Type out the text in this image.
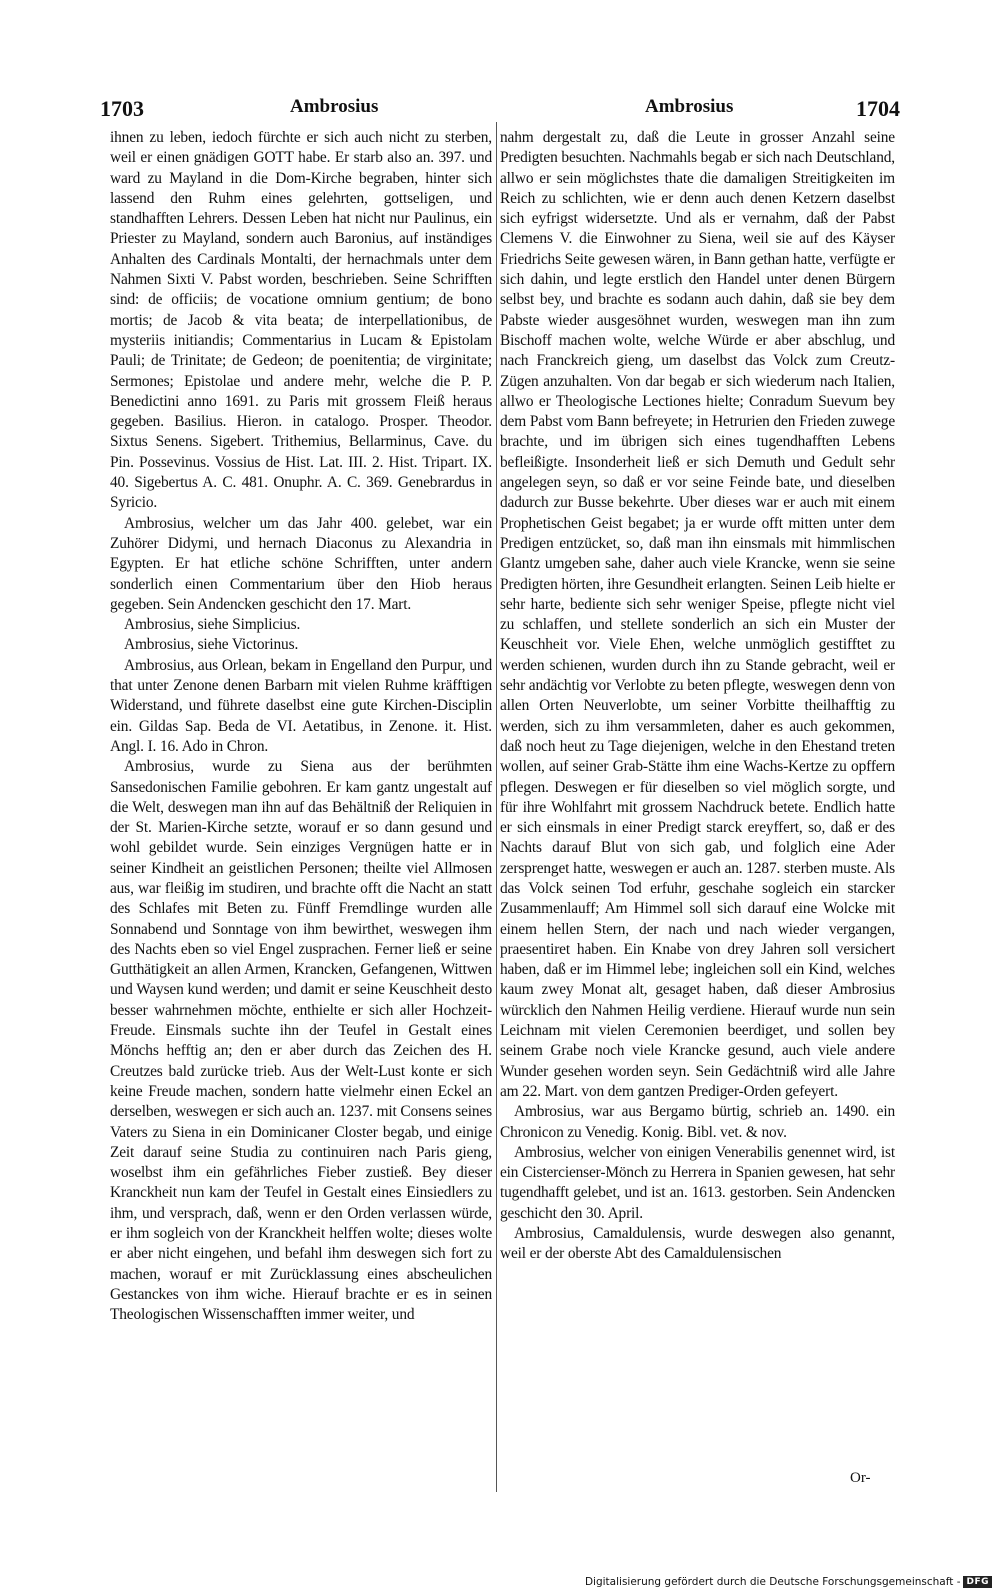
1703	Ambrosius	Ambrosius	1704

ihnen zu leben, iedoch fürchte er sich auch nicht zu sterben, weil er einen gnädigen GOTT habe. Er starb also an. 397. und ward zu Mayland in die Dom-Kirche begraben, hinter sich lassend den Ruhm eines gelehrten, gottseligen, und standhafften Lehrers. Dessen Leben hat nicht nur Paulinus, ein Priester zu Mayland, sondern auch Baronius, auf inständiges Anhalten des Cardinals Montalti, der hernachmals unter dem Nahmen Sixti V. Pabst worden, beschrieben. Seine Schrifften sind: de officiis; de vocatione omnium gentium; de bono mortis; de Jacob & vita beata; de interpellationibus, de mysteriis initiandis; Commentarius in Lucam & Epistolam Pauli; de Trinitate; de Gedeon; de poenitentia; de virginitate; Sermones; Epistolae und andere mehr, welche die P. P. Benedictini anno 1691. zu Paris mit grossem Fleiß heraus gegeben. Basilius. Hieron. in catalogo. Prosper. Theodor. Sixtus Senens. Sigebert. Trithemius, Bellarminus, Cave. du Pin. Possevinus. Vossius de Hist. Lat. III. 2. Hist. Tripart. IX. 40. Sigebertus A. C. 481. Onuphr. A. C. 369. Genebrardus in Syricio.

Ambrosius, welcher um das Jahr 400. gelebet, war ein Zuhörer Didymi, und hernach Diaconus zu Alexandria in Egypten. Er hat etliche schöne Schrifften, unter andern sonderlich einen Commentarium über den Hiob heraus gegeben. Sein Andencken geschicht den 17. Mart.

Ambrosius, siehe Simplicius.

Ambrosius, siehe Victorinus.

Ambrosius, aus Orlean, bekam in Engelland den Purpur, und that unter Zenone denen Barbarn mit vielen Ruhme kräfftigen Widerstand, und führete daselbst eine gute Kirchen-Disciplin ein. Gildas Sap. Beda de VI. Aetatibus, in Zenone. it. Hist. Angl. I. 16. Ado in Chron.

Ambrosius, wurde zu Siena aus der berühmten Sansedonischen Familie gebohren. Er kam gantz ungestalt auf die Welt, deswegen man ihn auf das Behältniß der Reliquien in der St. Marien-Kirche setzte, worauf er so dann gesund und wohl gebildet wurde. Sein einziges Vergnügen hatte er in seiner Kindheit an geistlichen Personen; theilte viel Allmosen aus, war fleißig im studiren, und brachte offt die Nacht an statt des Schlafes mit Beten zu. Fünff Fremdlinge wurden alle Sonnabend und Sonntage von ihm bewirthet, weswegen ihm des Nachts eben so viel Engel zusprachen. Ferner ließ er seine Gutthätigkeit an allen Armen, Krancken, Gefangenen, Wittwen und Waysen kund werden; und damit er seine Keuschheit desto besser wahrnehmen möchte, enthielte er sich aller Hochzeit-Freude. Einsmals suchte ihn der Teufel in Gestalt eines Mönchs hefftig an; den er aber durch das Zeichen des H. Creutzes bald zurücke trieb. Aus der Welt-Lust konte er sich keine Freude machen, sondern hatte vielmehr einen Eckel an derselben, weswegen er sich auch an. 1237. mit Consens seines Vaters zu Siena in ein Dominicaner Closter begab, und einige Zeit darauf seine Studia zu continuiren nach Paris gieng, woselbst ihm ein gefährliches Fieber zustieß. Bey dieser Kranckheit nun kam der Teufel in Gestalt eines Einsiedlers zu ihm, und versprach, daß, wenn er den Orden verlassen würde, er ihm sogleich von der Kranckheit helffen wolte; dieses wolte er aber nicht eingehen, und befahl ihm deswegen sich fort zu machen, worauf er mit Zurücklassung eines abscheulichen Gestanckes von ihm wiche. Hierauf brachte er es in seinen Theologischen Wissenschafften immer weiter, und

nahm dergestalt zu, daß die Leute in grosser Anzahl seine Predigten besuchten. Nachmahls begab er sich nach Deutschland, allwo er sein möglichstes thate die damaligen Streitigkeiten im Reich zu schlichten, wie er denn auch denen Ketzern daselbst sich eyfrigst widersetzte. Und als er vernahm, daß der Pabst Clemens V. die Einwohner zu Siena, weil sie auf des Käyser Friedrichs Seite gewesen wären, in Bann gethan hatte, verfügte er sich dahin, und legte erstlich den Handel unter denen Bürgern selbst bey, und brachte es sodann auch dahin, daß sie bey dem Pabste wieder ausgesöhnet wurden, weswegen man ihn zum Bischoff machen wolte, welche Würde er aber abschlug, und nach Franckreich gieng, um daselbst das Volck zum Creutz-Zügen anzuhalten. Von dar begab er sich wiederum nach Italien, allwo er Theologische Lectiones hielte; Conradum Suevum bey dem Pabst vom Bann befreyete; in Hetrurien den Frieden zuwege brachte, und im übrigen sich eines tugendhafften Lebens befleißigte. Insonderheit ließ er sich Demuth und Gedult sehr angelegen seyn, so daß er vor seine Feinde bate, und dieselben dadurch zur Busse bekehrte. Uber dieses war er auch mit einem Prophetischen Geist begabet; ja er wurde offt mitten unter dem Predigen entzücket, so, daß man ihn einsmals mit himmlischen Glantz umgeben sahe, daher auch viele Krancke, wenn sie seine Predigten hörten, ihre Gesundheit erlangten. Seinen Leib hielte er sehr harte, bediente sich sehr weniger Speise, pflegte nicht viel zu schlaffen, und stellete sonderlich an sich ein Muster der Keuschheit vor. Viele Ehen, welche unmöglich gestifftet zu werden schienen, wurden durch ihn zu Stande gebracht, weil er sehr andächtig vor Verlobte zu beten pflegte, weswegen denn von allen Orten Neuverlobte, um seiner Vorbitte theilhafftig zu werden, sich zu ihm versammleten, daher es auch gekommen, daß noch heut zu Tage diejenigen, welche in den Ehestand treten wollen, auf seiner Grab-Stätte ihm eine Wachs-Kertze zu opffern pflegen. Deswegen er für dieselben so viel möglich sorgte, und für ihre Wohlfahrt mit grossem Nachdruck betete. Endlich hatte er sich einsmals in einer Predigt starck ereyffert, so, daß er des Nachts darauf Blut von sich gab, und folglich eine Ader zersprenget hatte, weswegen er auch an. 1287. sterben muste. Als das Volck seinen Tod erfuhr, geschahe sogleich ein starcker Zusammenlauff; Am Himmel soll sich darauf eine Wolcke mit einem hellen Stern, der nach und nach wieder vergangen, praesentiret haben. Ein Knabe von drey Jahren soll versichert haben, daß er im Himmel lebe; ingleichen soll ein Kind, welches kaum zwey Monat alt, gesaget haben, daß dieser Ambrosius würcklich den Nahmen Heilig verdiene. Hierauf wurde nun sein Leichnam mit vielen Ceremonien beerdiget, und sollen bey seinem Grabe noch viele Krancke gesund, auch viele andere Wunder gesehen worden seyn. Sein Gedächtniß wird alle Jahre am 22. Mart. von dem gantzen Prediger-Orden gefeyert.

Ambrosius, war aus Bergamo bürtig, schrieb an. 1490. ein Chronicon zu Venedig. Konig. Bibl. vet. & nov.

Ambrosius, welcher von einigen Venerabilis genennet wird, ist ein Cistercienser-Mönch zu Herrera in Spanien gewesen, hat sehr tugendhafft gelebet, und ist an. 1613. gestorben. Sein Andencken geschicht den 30. April.

Ambrosius, Camaldulensis, wurde deswegen also genannt, weil er der oberste Abt des Camaldulensischen

Or-
Digitalisierung gefördert durch die Deutsche Forschungsgemeinschaft - DFG
